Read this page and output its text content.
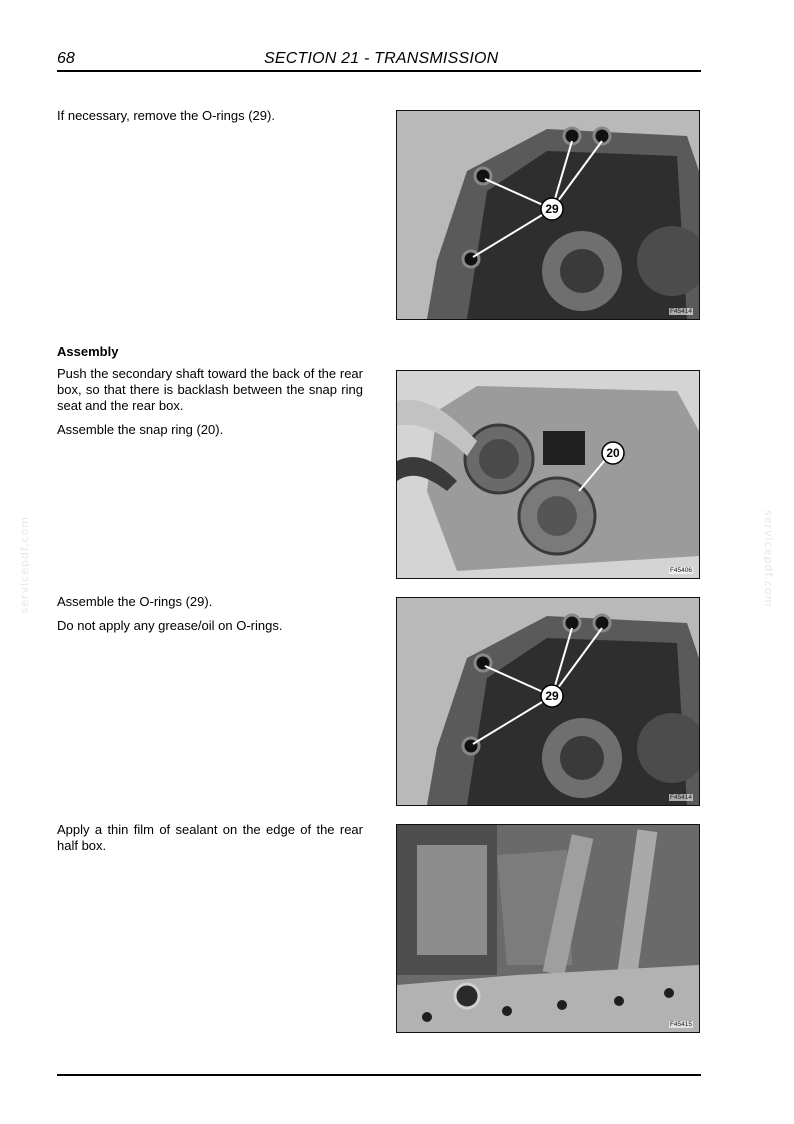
68	SECTION 21 - TRANSMISSION
servicepdf.com	servicepdf.com

If necessary, remove the O-rings (29).

29
F45414
Assembly

Push the secondary shaft toward the back of the rear box, so that there is backlash between the snap ring seat and the rear box.

Assemble the snap ring (20).

20
F45406

Assemble the O-rings (29).

Do not apply any grease/oil on O-rings.

29
F45414

Apply a thin film of sealant on the edge of the rear half box.

F45415
